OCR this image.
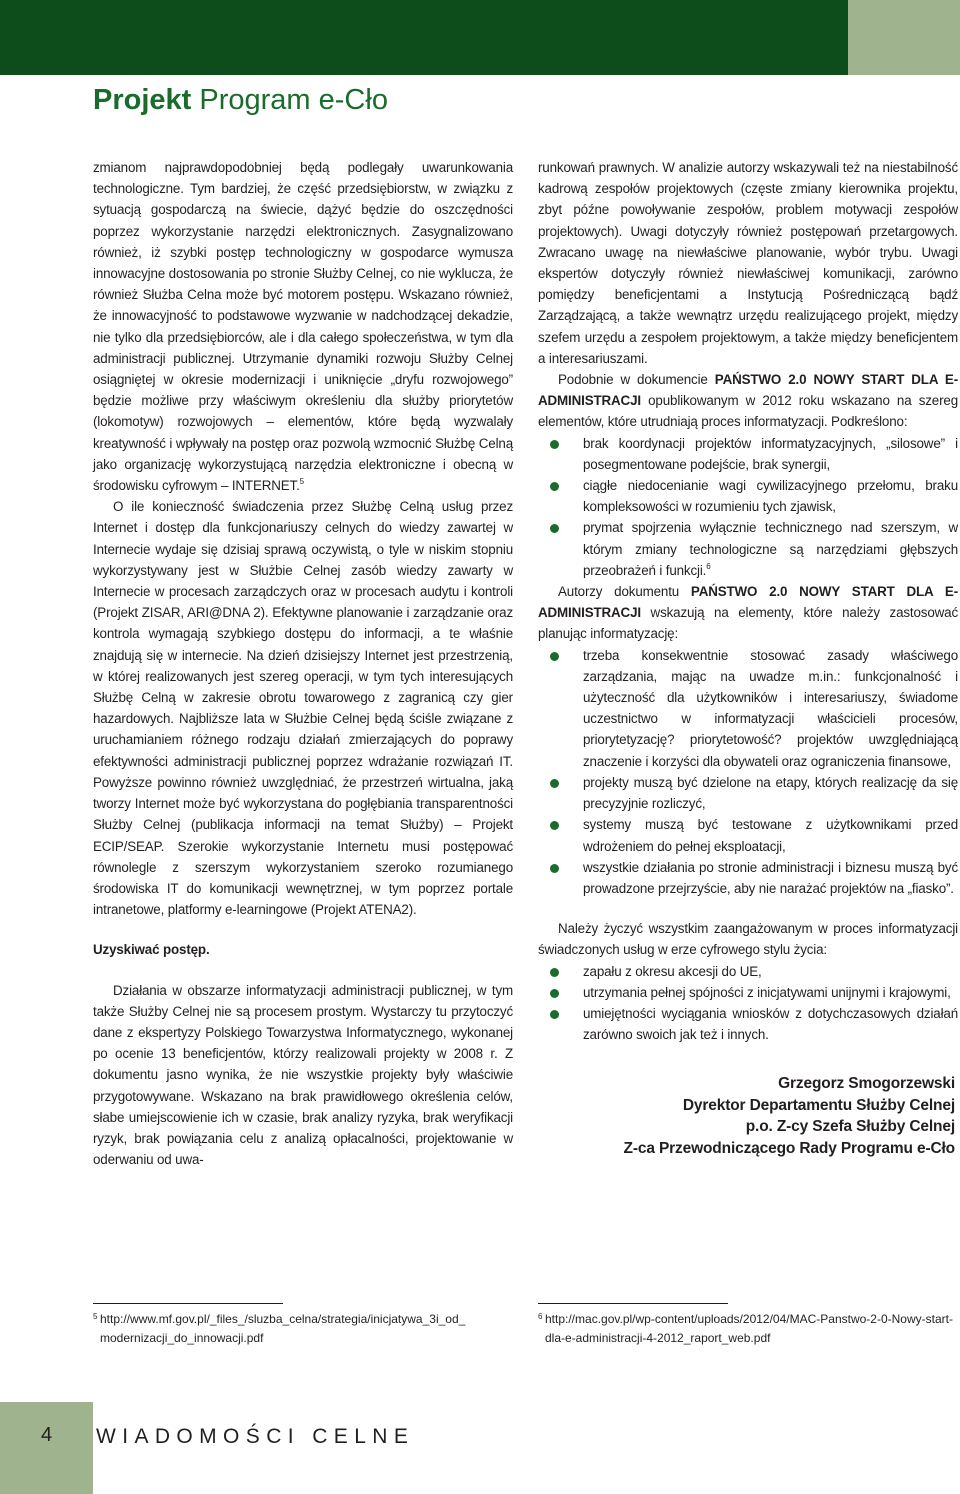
Projekt Program e-Cło

zmianom najprawdopodobniej będą podlegały uwarunkowania technologiczne. Tym bardziej, że część przedsiębiorstw, w związku z sytuacją gospodarczą na świecie, dążyć będzie do oszczędności poprzez wykorzystanie narzędzi elektronicznych. Zasygnalizowano również, iż szybki postęp technologiczny w gospodarce wymusza innowacyjne dostosowania po stronie Służby Celnej, co nie wyklucza, że również Służba Celna może być motorem postępu. Wskazano również, że innowacyjność to podstawowe wyzwanie w nadchodzącej dekadzie, nie tylko dla przedsiębiorców, ale i dla całego społeczeństwa, w tym dla administracji publicznej. Utrzymanie dynamiki rozwoju Służby Celnej osiągniętej w okresie modernizacji i uniknięcie „dryfu rozwojowego” będzie możliwe przy właściwym określeniu dla służby priorytetów (lokomotyw) rozwojowych – elementów, które będą wyzwalały kreatywność i wpływały na postęp oraz pozwolą wzmocnić Służbę Celną jako organizację wykorzystującą narzędzia elektroniczne i obecną w środowisku cyfrowym – INTERNET.$^5$

O ile konieczność świadczenia przez Służbę Celną usług przez Internet i dostęp dla funkcjonariuszy celnych do wiedzy zawartej w Internecie wydaje się dzisiaj sprawą oczywistą, o tyle w niskim stopniu wykorzystywany jest w Służbie Celnej zasób wiedzy zawarty w Internecie w procesach zarządczych oraz w procesach audytu i kontroli (Projekt ZISAR, ARI@DNA 2). Efektywne planowanie i zarządzanie oraz kontrola wymagają szybkiego dostępu do informacji, a te właśnie znajdują się w internecie. Na dzień dzisiejszy Internet jest przestrzenią, w której realizowanych jest szereg operacji, w tym tych interesujących Służbę Celną w zakresie obrotu towarowego z zagranicą czy gier hazardowych. Najbliższe lata w Służbie Celnej będą ściśle związane z uruchamianiem różnego rodzaju działań zmierzających do poprawy efektywności administracji publicznej poprzez wdrażanie rozwiązań IT. Powyższe powinno również uwzględniać, że przestrzeń wirtualna, jaką tworzy Internet może być wykorzystana do pogłębiania transparentności Służby Celnej (publikacja informacji na temat Służby) – Projekt ECIP/SEAP. Szerokie wykorzystanie Internetu musi postępować równolegle z szerszym wykorzystaniem szeroko rozumianego środowiska IT do komunikacji wewnętrznej, w tym poprzez portale intranetowe, platformy e-learningowe (Projekt ATENA2).

Uzyskiwać postęp.

Działania w obszarze informatyzacji administracji publicznej, w tym także Służby Celnej nie są procesem prostym. Wystarczy tu przytoczyć dane z ekspertyzy Polskiego Towarzystwa Informatycznego, wykonanej po ocenie 13 beneficjentów, którzy realizowali projekty w 2008 r. Z dokumentu jasno wynika, że nie wszystkie projekty były właściwie przygotowywane. Wskazano na brak prawidłowego określenia celów, słabe umiejscowienie ich w czasie, brak analizy ryzyka, brak weryfikacji ryzyk, brak powiązania celu z analizą opłacalności, projektowanie w oderwaniu od uwa-

runkowań prawnych. W analizie autorzy wskazywali też na niestabilność kadrową zespołów projektowych (częste zmiany kierownika projektu, zbyt późne powoływanie zespołów, problem motywacji zespołów projektowych). Uwagi dotyczyły również postępowań przetargowych. Zwracano uwagę na niewłaściwe planowanie, wybór trybu. Uwagi ekspertów dotyczyły również niewłaściwej komunikacji, zarówno pomiędzy beneficjentami a Instytucją Pośredniczącą bądź Zarządzającą, a także wewnątrz urzędu realizującego projekt, między szefem urzędu a zespołem projektowym, a także między beneficjentem a interesariuszami.

Podobnie w dokumencie PAŃSTWO 2.0 NOWY START DLA E-ADMINISTRACJI opublikowanym w 2012 roku wskazano na szereg elementów, które utrudniają proces informatyzacji. Podkreślono:

brak koordynacji projektów informatyzacyjnych, „silosowe” i posegmentowane podejście, brak synergii,
ciągłe niedocenianie wagi cywilizacyjnego przełomu, braku kompleksowości w rozumieniu tych zjawisk,
prymat spojrzenia wyłącznie technicznego nad szerszym, w którym zmiany technologiczne są narzędziami głębszych przeobrażeń i funkcji.$^6$

Autorzy dokumentu PAŃSTWO 2.0 NOWY START DLA E-ADMINISTRACJI wskazują na elementy, które należy zastosować planując informatyzację:

trzeba konsekwentnie stosować zasady właściwego zarządzania, mając na uwadze m.in.: funkcjonalność i użyteczność dla użytkowników i interesariuszy, świadome uczestnictwo w informatyzacji właścicieli procesów, priorytetyzację? priorytetowość? projektów uwzględniającą znaczenie i korzyści dla obywateli oraz ograniczenia finansowe,
projekty muszą być dzielone na etapy, których realizację da się precyzyjnie rozliczyć,
systemy muszą być testowane z użytkownikami przed wdrożeniem do pełnej eksploatacji,
wszystkie działania po stronie administracji i biznesu muszą być prowadzone przejrzyście, aby nie narażać projektów na „fiasko”.

Należy życzyć wszystkim zaangażowanym w proces informatyzacji świadczonych usług w erze cyfrowego stylu życia:

zapału z okresu akcesji do UE,
utrzymania pełnej spójności z inicjatywami unijnymi i krajowymi,
umiejętności wyciągania wniosków z dotychczasowych działań zarówno swoich jak też i innych.
Grzegorz Smogorzewski
Dyrektor Departamentu Służby Celnej
p.o. Z-cy Szefa Służby Celnej
Z-ca Przewodniczącego Rady Programu e-Cło
5 http://www.mf.gov.pl/_files_/sluzba_celna/strategia/inicjatywa_3i_od_ modernizacji_do_innowacji.pdf
6 http://mac.gov.pl/wp-content/uploads/2012/04/MAC-Panstwo-2-0-Nowy-start-dla-e-administracji-4-2012_raport_web.pdf
4	WIADOMOŚCI CELNE
